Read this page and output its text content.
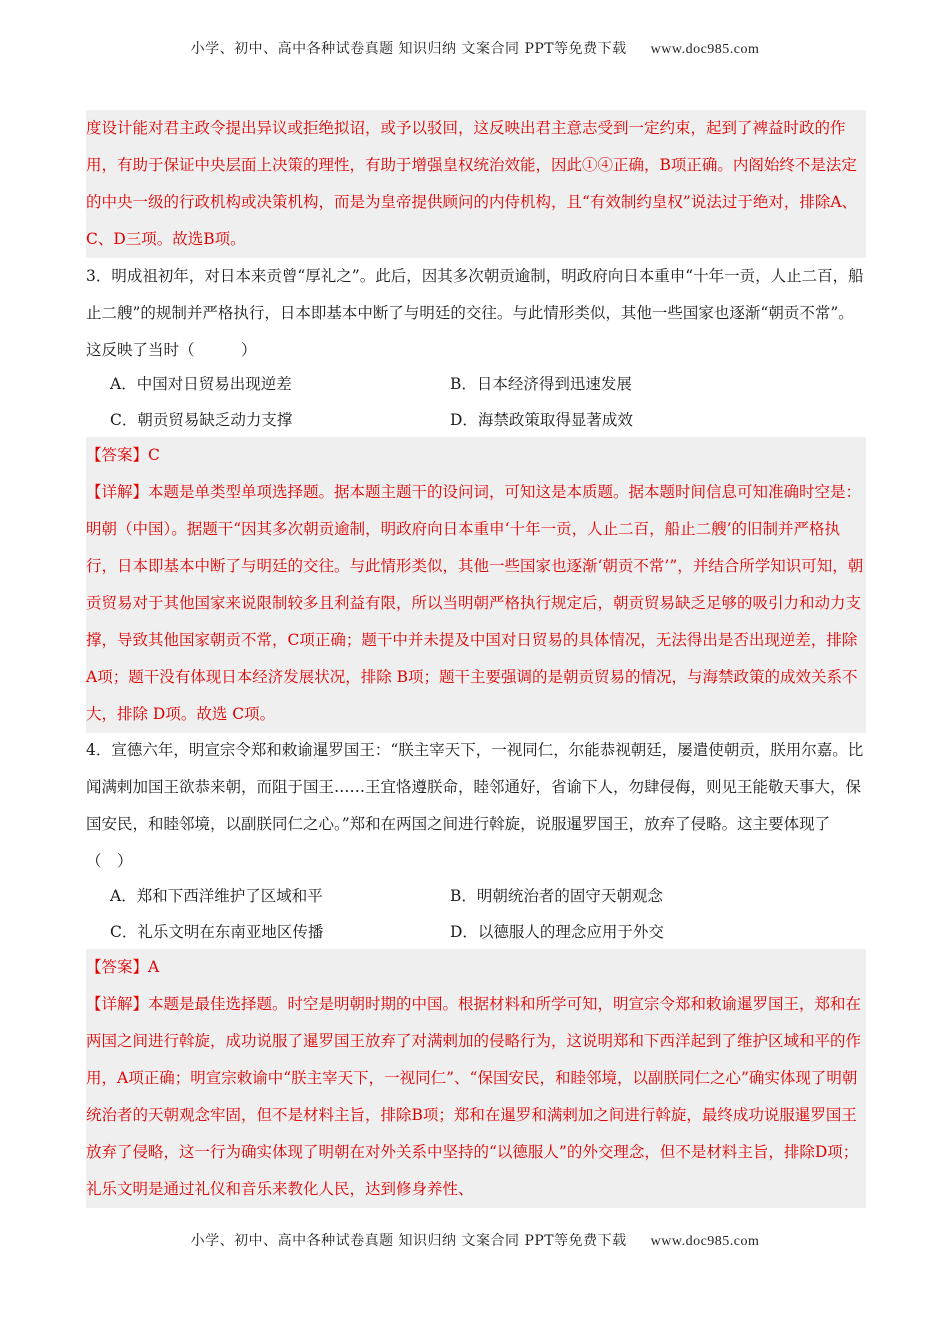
小学、初中、高中各种试卷真题 知识归纳 文案合同 PPT等免费下载 www.doc985.com

度设计能对君主政令提出异议或拒绝拟诏，或予以驳回，这反映出君主意志受到一定约束，起到了裨益时政的作用，有助于保证中央层面上决策的理性，有助于增强皇权统治效能，因此①④正确，B项正确。内阁始终不是法定的中央一级的行政机构或决策机构，而是为皇帝提供顾问的内侍机构，且“有效制约皇权”说法过于绝对，排除A、C、D三项。故选B项。

3．明成祖初年，对日本来贡曾“厚礼之”。此后，因其多次朝贡逾制，明政府向日本重申“十年一贡，人止二百，船止二艘”的规制并严格执行，日本即基本中断了与明廷的交往。与此情形类似，其他一些国家也逐渐“朝贡不常”。这反映了当时（　　　）

A．中国对日贸易出现逆差	B．日本经济得到迅速发展
C．朝贡贸易缺乏动力支撑	D．海禁政策取得显著成效

【答案】C

【详解】本题是单类型单项选择题。据本题主题干的设问词，可知这是本质题。据本题时间信息可知准确时空是：明朝（中国）。据题干“因其多次朝贡逾制，明政府向日本重申‘十年一贡，人止二百，船止二艘’的旧制并严格执行，日本即基本中断了与明廷的交往。与此情形类似，其他一些国家也逐渐‘朝贡不常’”，并结合所学知识可知，朝贡贸易对于其他国家来说限制较多且利益有限，所以当明朝严格执行规定后，朝贡贸易缺乏足够的吸引力和动力支撑，导致其他国家朝贡不常，C项正确；题干中并未提及中国对日贸易的具体情况，无法得出是否出现逆差，排除 A项；题干没有体现日本经济发展状况，排除 B项；题干主要强调的是朝贡贸易的情况，与海禁政策的成效关系不大，排除 D项。故选 C项。

4．宣德六年，明宣宗令郑和敕谕暹罗国王：“朕主宰天下，一视同仁，尔能恭视朝廷，屡遣使朝贡，朕用尔嘉。比闻满剌加国王欲恭来朝，而阻于国王……王宜恪遵朕命，睦邻通好，省谕下人，勿肆侵侮，则见王能敬天事大，保国安民，和睦邻境，以副朕同仁之心。”郑和在两国之间进行斡旋，说服暹罗国王，放弃了侵略。这主要体现了（　）

A．郑和下西洋维护了区域和平	B．明朝统治者的固守天朝观念
C．礼乐文明在东南亚地区传播	D．以德服人的理念应用于外交

【答案】A

【详解】本题是最佳选择题。时空是明朝时期的中国。根据材料和所学可知，明宣宗令郑和敕谕暹罗国王，郑和在两国之间进行斡旋，成功说服了暹罗国王放弃了对满剌加的侵略行为，这说明郑和下西洋起到了维护区域和平的作用，A项正确；明宣宗敕谕中“朕主宰天下，一视同仁”、“保国安民，和睦邻境，以副朕同仁之心”确实体现了明朝统治者的天朝观念牢固，但不是材料主旨，排除B项；郑和在暹罗和满剌加之间进行斡旋，最终成功说服暹罗国王放弃了侵略，这一行为确实体现了明朝在对外关系中坚持的“以德服人”的外交理念，但不是材料主旨，排除D项；礼乐文明是通过礼仪和音乐来教化人民，达到修身养性、

小学、初中、高中各种试卷真题 知识归纳 文案合同 PPT等免费下载 www.doc985.com
